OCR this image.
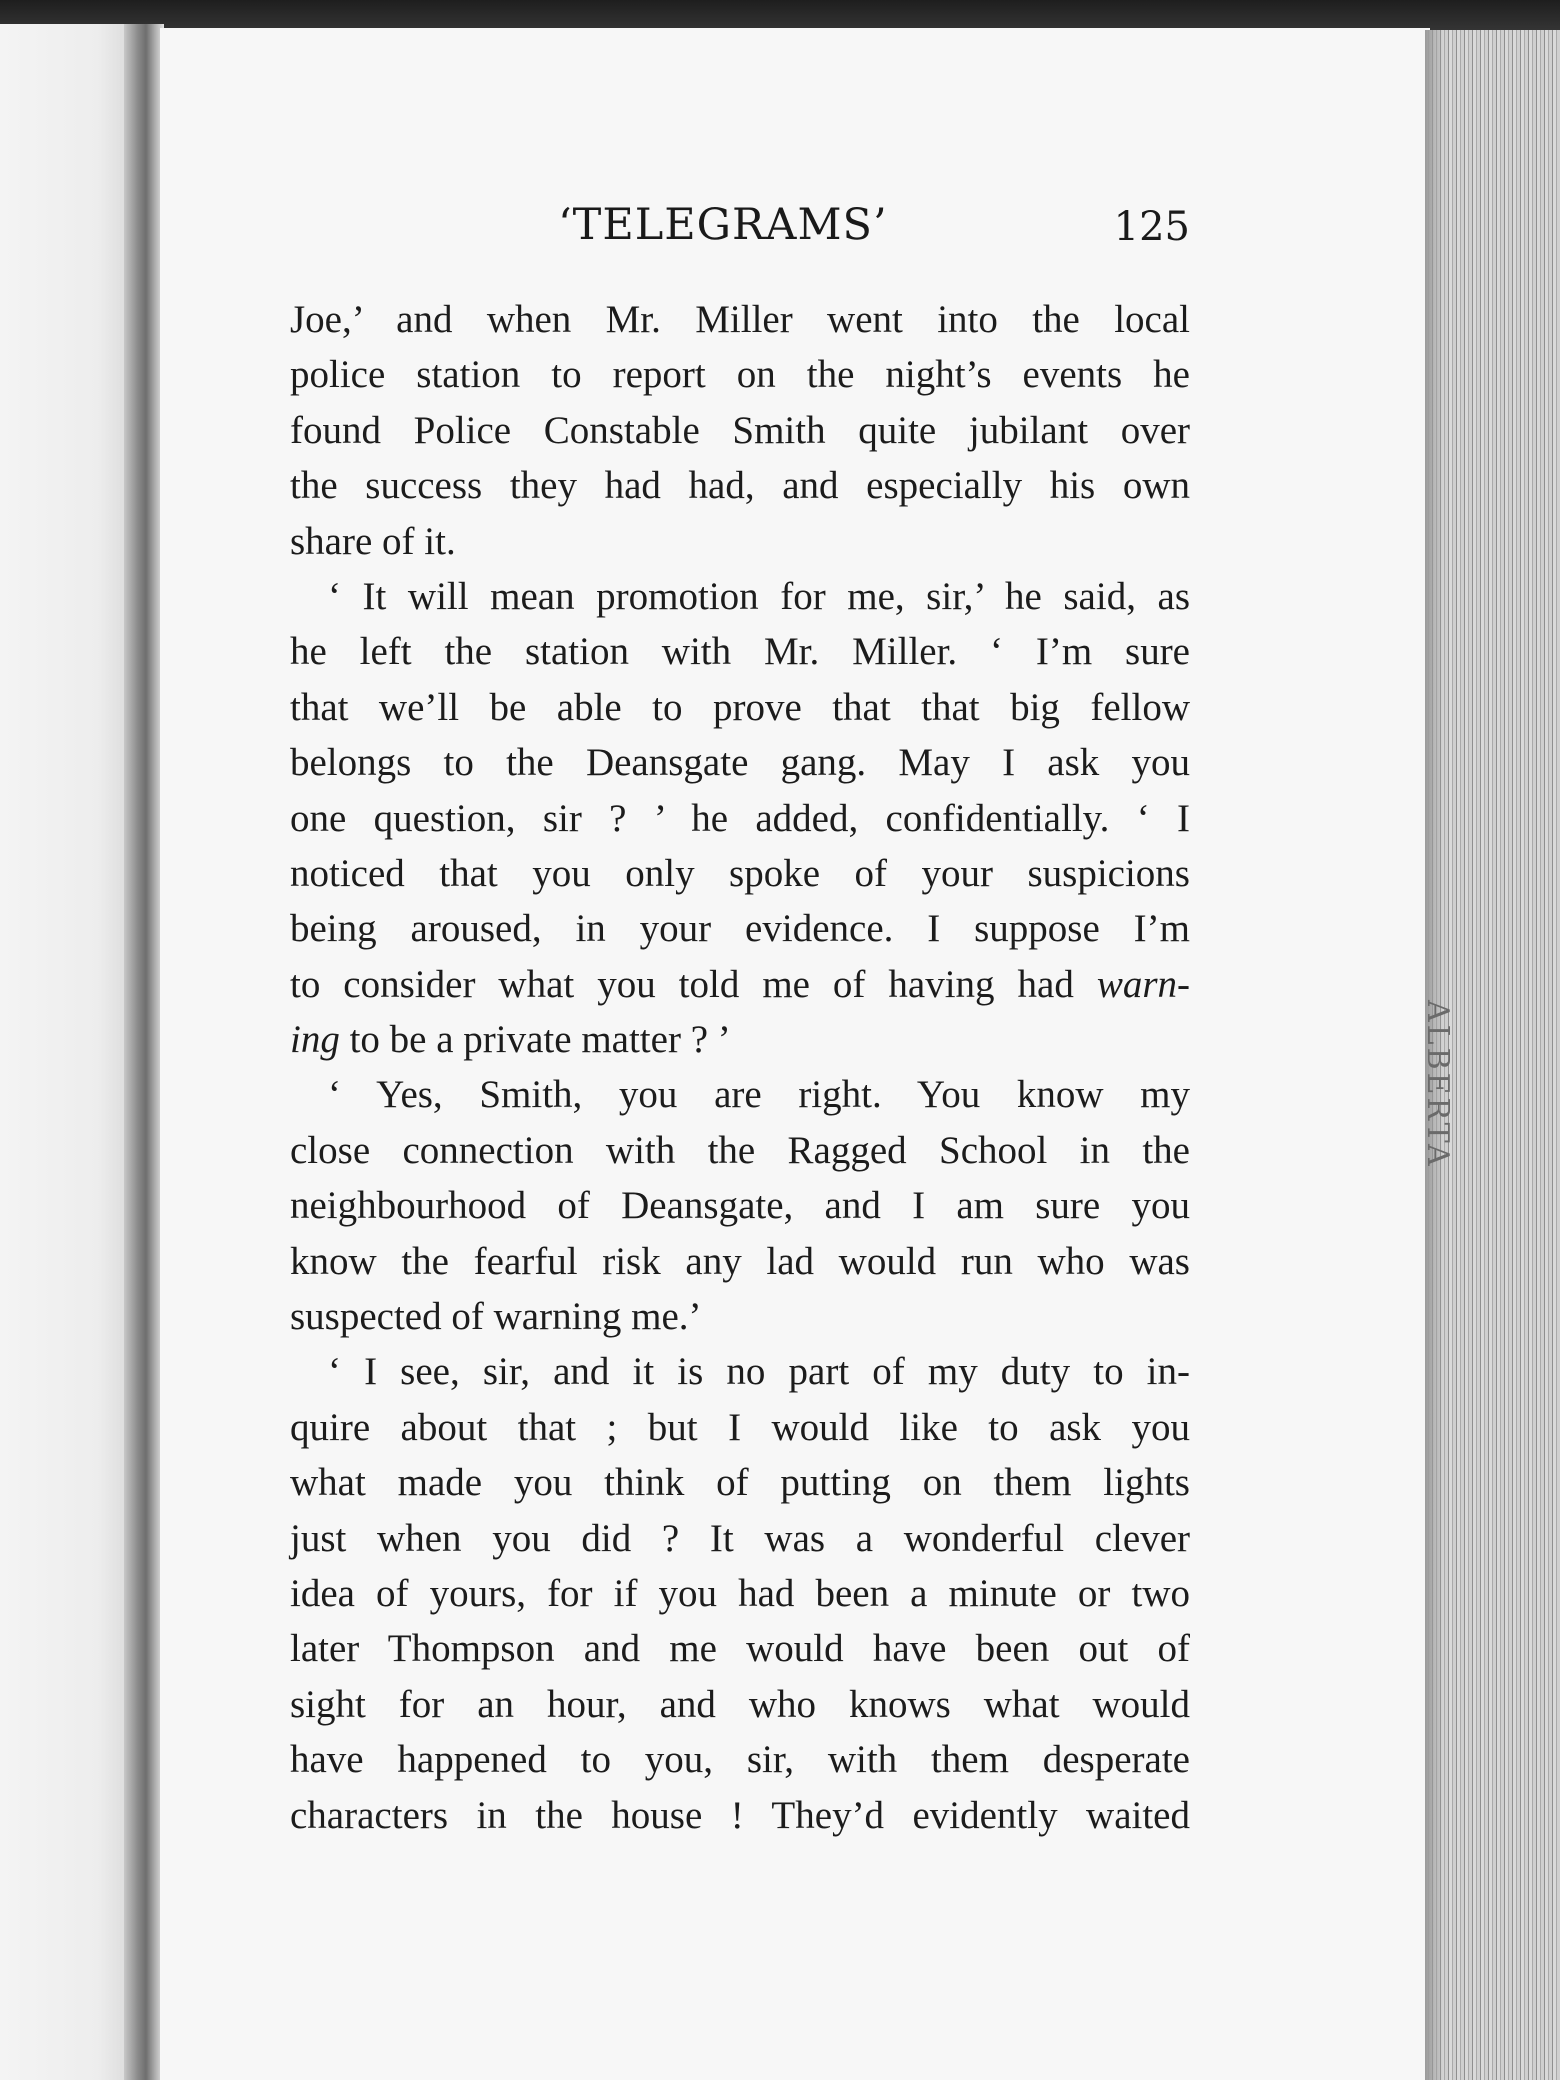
‘TELEGRAMS’	125
Joe,’ and when Mr. Miller went into the local
police station to report on the night’s events he
found Police Constable Smith quite jubilant over
the success they had had, and especially his own
share of it.
‘ It will mean promotion for me, sir,’ he said, as
he left the station with Mr. Miller. ‘ I’m sure
that we’ll be able to prove that that big fellow
belongs to the Deansgate gang. May I ask you
one question, sir ? ’ he added, confidentially. ‘ I
noticed that you only spoke of your suspicions
being aroused, in your evidence. I suppose I’m
to consider what you told me of having had warn-
ing to be a private matter ? ’
‘ Yes, Smith, you are right. You know my
close connection with the Ragged School in the
neighbourhood of Deansgate, and I am sure you
know the fearful risk any lad would run who was
suspected of warning me.’
‘ I see, sir, and it is no part of my duty to in-
quire about that ; but I would like to ask you
what made you think of putting on them lights
just when you did ? It was a wonderful clever
idea of yours, for if you had been a minute or two
later Thompson and me would have been out of
sight for an hour, and who knows what would
have happened to you, sir, with them desperate
characters in the house ! They’d evidently waited
